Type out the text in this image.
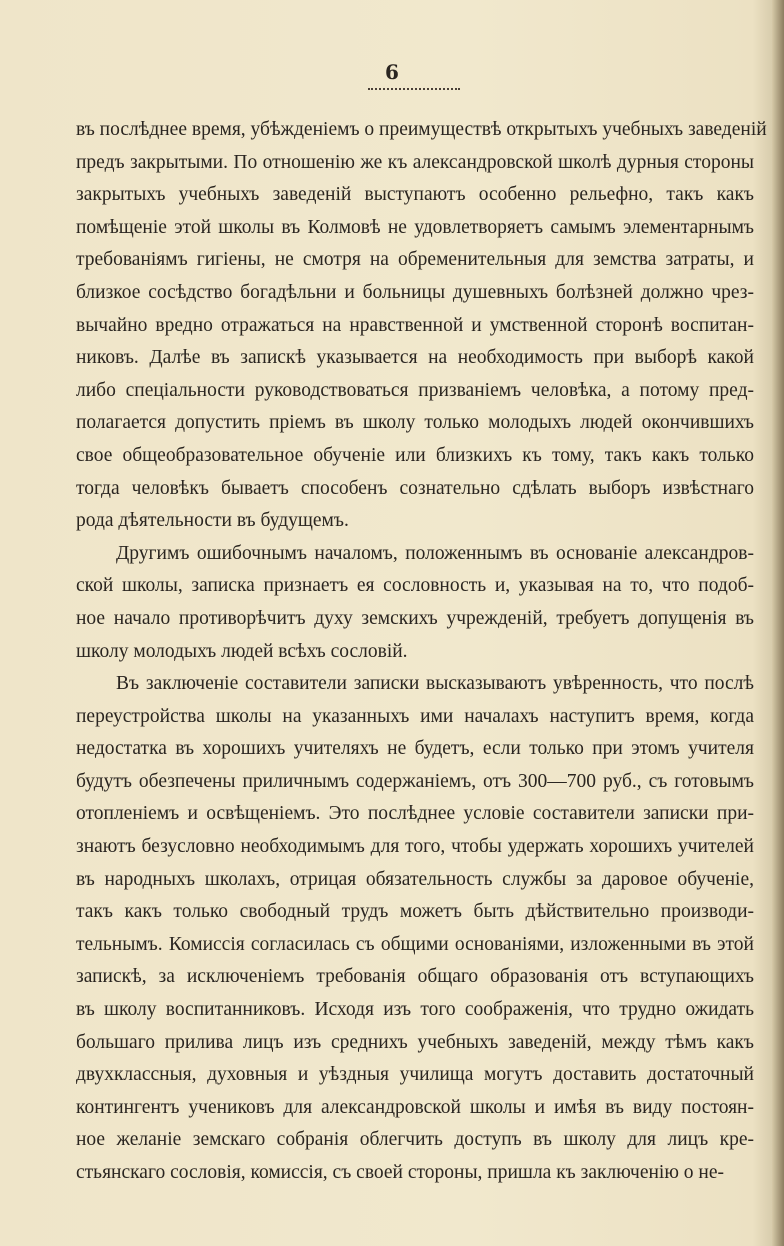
6
въ послѣднее время, убѣжденіемъ о преимуществѣ открытыхъ учебныхъ заведеній
предъ закрытыми. По отношенію же къ александровской школѣ дурныя стороны
закрытыхъ учебныхъ заведеній выступаютъ особенно рельефно, такъ какъ
помѣщеніе этой школы въ Колмовѣ не удовлетворяетъ самымъ элементарнымъ
требованіямъ гигіены, не смотря на обременительныя для земства затраты, и
близкое сосѣдство богадѣльни и больницы душевныхъ болѣзней должно чрез-
вычайно вредно отражаться на нравственной и умственной сторонѣ воспитан-
никовъ. Далѣе въ запискѣ указывается на необходимость при выборѣ какой
либо спеціальности руководствоваться призваніемъ человѣка, а потому пред-
полагается допустить пріемъ въ школу только молодыхъ людей окончившихъ
свое общеобразовательное обученіе или близкихъ къ тому, такъ какъ только
тогда человѣкъ бываетъ способенъ сознательно сдѣлать выборъ извѣстнаго
рода дѣятельности въ будущемъ.
Другимъ ошибочнымъ началомъ, положеннымъ въ основаніе александров-
ской школы, записка признаетъ ея сословность и, указывая на то, что подоб-
ное начало противорѣчитъ духу земскихъ учрежденій, требуетъ допущенія въ
школу молодыхъ людей всѣхъ сословій.
Въ заключеніе составители записки высказываютъ увѣренность, что послѣ
переустройства школы на указанныхъ ими началахъ наступитъ время, когда
недостатка въ хорошихъ учителяхъ не будетъ, если только при этомъ учителя
будутъ обезпечены приличнымъ содержаніемъ, отъ 300—700 руб., съ готовымъ
отопленіемъ и освѣщеніемъ. Это послѣднее условіе составители записки при-
знаютъ безусловно необходимымъ для того, чтобы удержать хорошихъ учителей
въ народныхъ школахъ, отрицая обязательность службы за даровое обученіе,
такъ какъ только свободный трудъ можетъ быть дѣйствительно производи-
тельнымъ. Комиссія согласилась съ общими основаніями, изложенными въ этой
запискѣ, за исключеніемъ требованія общаго образованія отъ вступающихъ
въ школу воспитанниковъ. Исходя изъ того соображенія, что трудно ожидать
большаго прилива лицъ изъ среднихъ учебныхъ заведеній, между тѣмъ какъ
двухклассныя, духовныя и уѣздныя училища могутъ доставить достаточный
контингентъ учениковъ для александровской школы и имѣя въ виду постоян-
ное желаніе земскаго собранія облегчить доступъ въ школу для лицъ кре-
стьянскаго сословія, комиссія, съ своей стороны, пришла къ заключенію о не-
